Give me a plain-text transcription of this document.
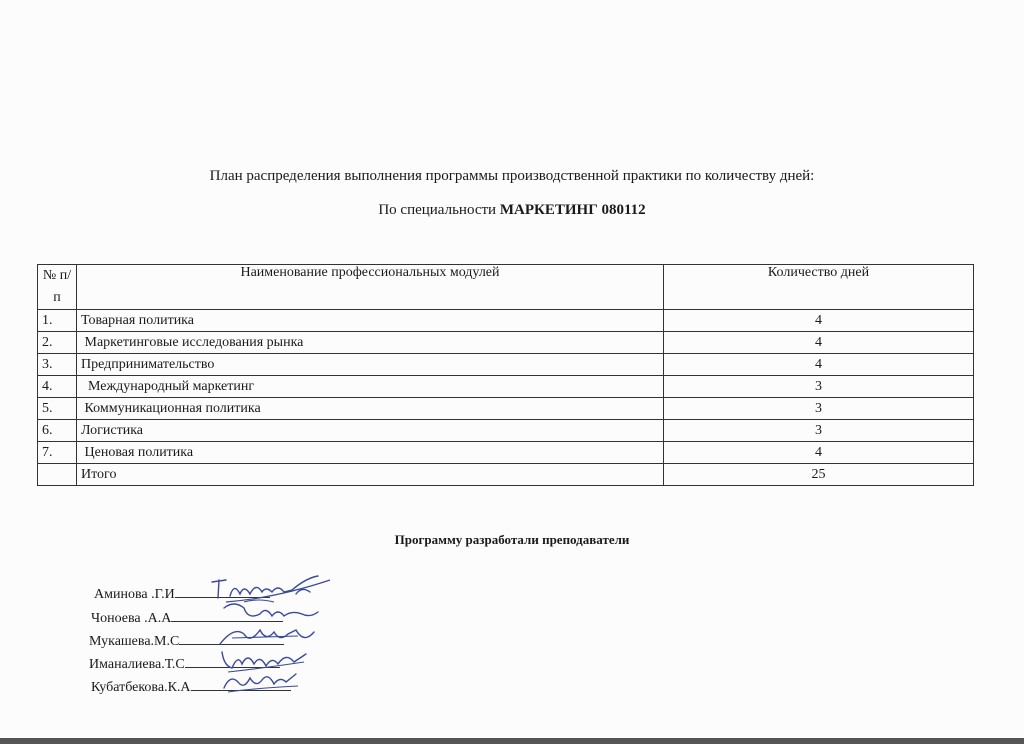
План распределения выполнения программы производственной практики по количеству дней:
По специальности МАРКЕТИНГ 080112
№ п/п	Наименование профессиональных модулей	Количество дней
1.	Товарная политика	4
2.	Маркетинговые исследования рынка	4
3.	Предпринимательство	4
4.	Международный маркетинг	3
5.	Коммуникационная политика	3
6.	Логистика	3
7.	Ценовая политика	4
	Итого	25
Программу разработали преподаватели
Аминова .Г.И
Чоноева .А.А
Мукашева.М.С
Иманалиева.Т.С
Кубатбекова.К.А
